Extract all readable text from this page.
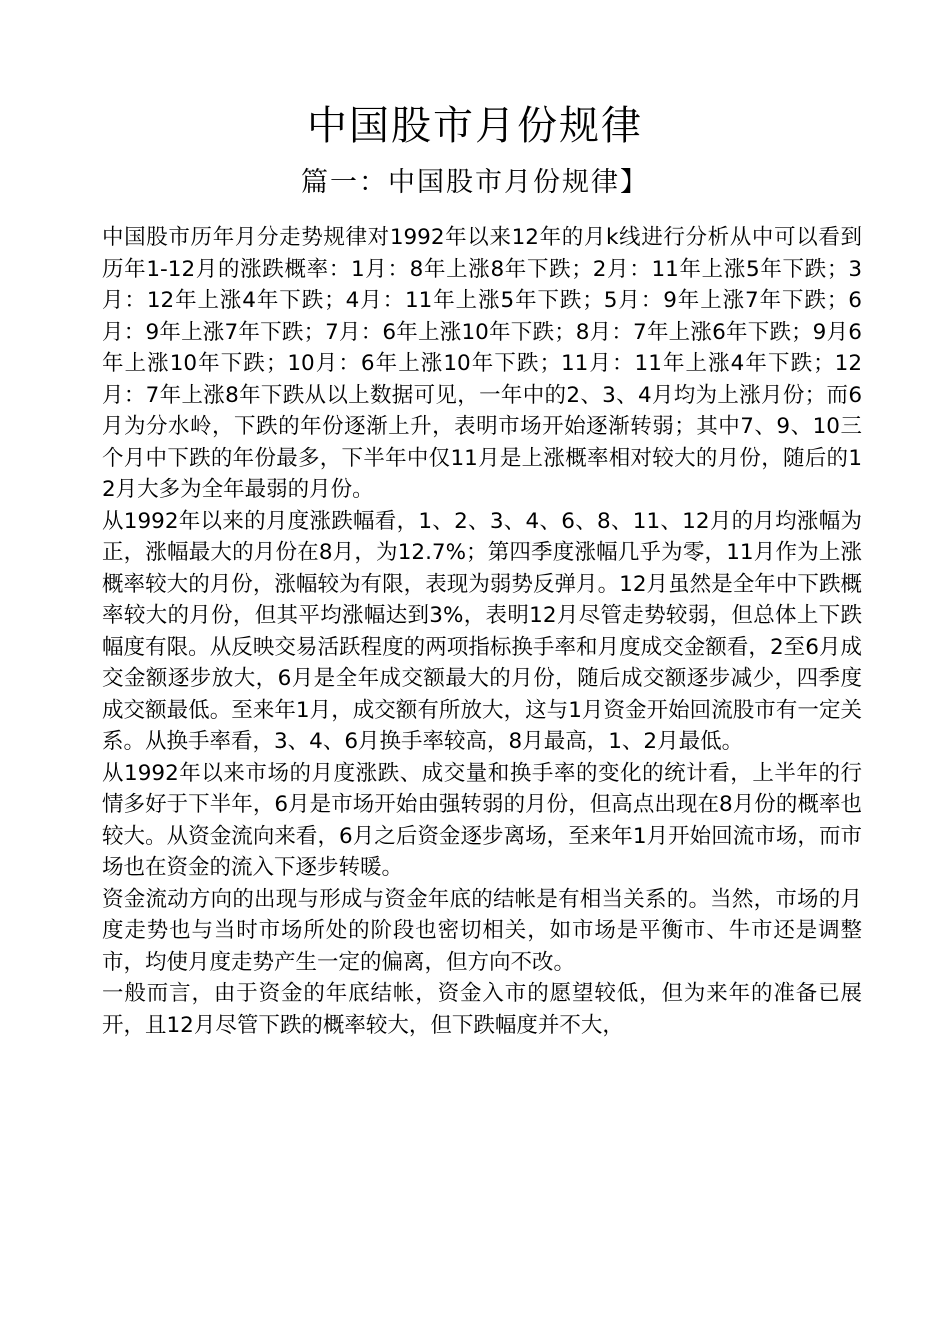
中国股市月份规律
篇一：中国股市月份规律】

中国股市历年月分走势规律对1992年以来12年的月k线进行分析从中可以看到历年1-12月的涨跌概率：1月：8年上涨8年下跌；2月：11年上涨5年下跌；3月：12年上涨4年下跌；4月：11年上涨5年下跌；5月：9年上涨7年下跌；6月：9年上涨7年下跌；7月：6年上涨10年下跌；8月：7年上涨6年下跌；9月6年上涨10年下跌；10月：6年上涨10年下跌；11月：11年上涨4年下跌；12月：7年上涨8年下跌从以上数据可见，一年中的2、3、4月均为上涨月份；而6月为分水岭，下跌的年份逐渐上升，表明市场开始逐渐转弱；其中7、9、10三个月中下跌的年份最多，下半年中仅11月是上涨概率相对较大的月份，随后的12月大多为全年最弱的月份。

从1992年以来的月度涨跌幅看，1、2、3、4、6、8、11、12月的月均涨幅为正，涨幅最大的月份在8月，为12.7%；第四季度涨幅几乎为零，11月作为上涨概率较大的月份，涨幅较为有限，表现为弱势反弹月。12月虽然是全年中下跌概率较大的月份，但其平均涨幅达到3%，表明12月尽管走势较弱，但总体上下跌幅度有限。从反映交易活跃程度的两项指标换手率和月度成交金额看，2至6月成交金额逐步放大，6月是全年成交额最大的月份，随后成交额逐步减少，四季度成交额最低。至来年1月，成交额有所放大，这与1月资金开始回流股市有一定关系。从换手率看，3、4、6月换手率较高，8月最高，1、2月最低。

从1992年以来市场的月度涨跌、成交量和换手率的变化的统计看，上半年的行情多好于下半年，6月是市场开始由强转弱的月份，但高点出现在8月份的概率也较大。从资金流向来看，6月之后资金逐步离场，至来年1月开始回流市场，而市场也在资金的流入下逐步转暖。

资金流动方向的出现与形成与资金年底的结帐是有相当关系的。当然，市场的月度走势也与当时市场所处的阶段也密切相关，如市场是平衡市、牛市还是调整市，均使月度走势产生一定的偏离，但方向不改。

一般而言，由于资金的年底结帐，资金入市的愿望较低，但为来年的准备已展开，且12月尽管下跌的概率较大，但下跌幅度并不大，
